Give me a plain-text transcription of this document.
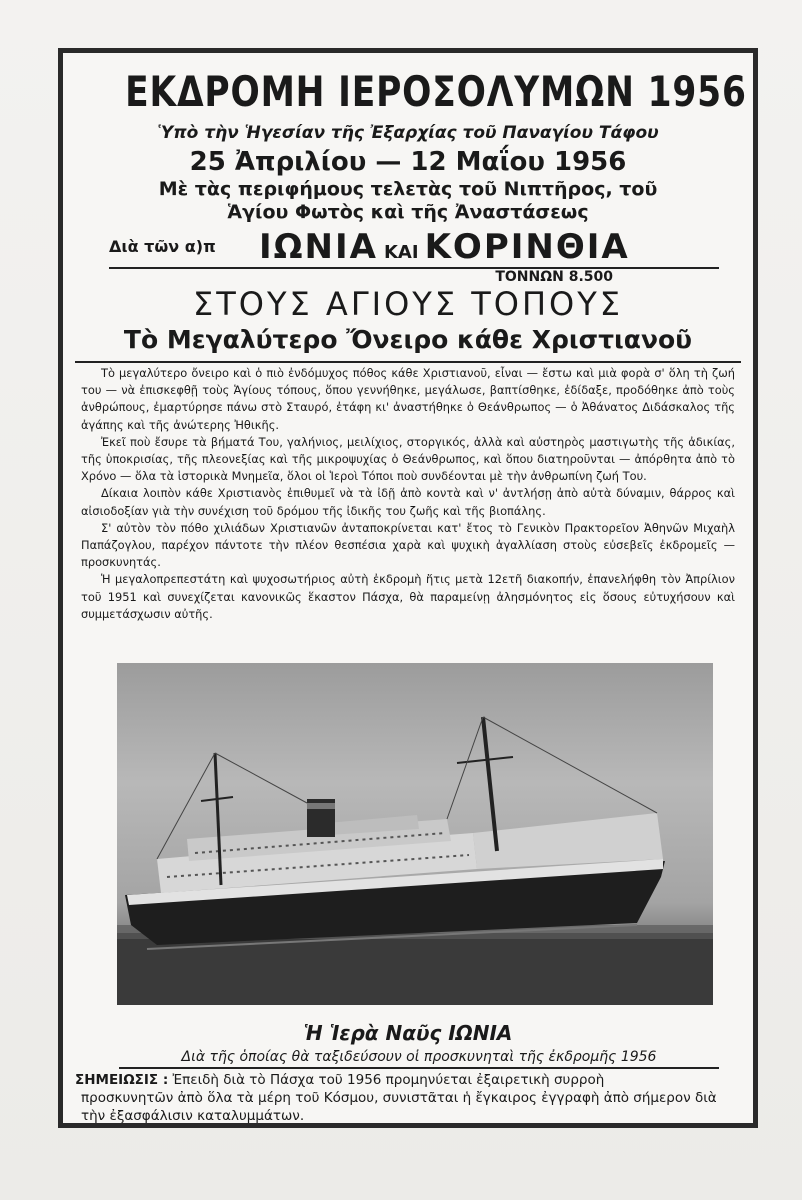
ΕΚΔΡΟΜΗ ΙΕΡΟΣΟΛΥΜΩΝ 1956
Ὑπὸ τὴν Ἡγεσίαν τῆς Ἐξαρχίας τοῦ Παναγίου Τάφου
25 Ἀπριλίου — 12 Μαΐου 1956
Μὲ τὰς περιφήμους τελετὰς τοῦ Νιπτῆρος, τοῦ
Ἁγίου Φωτὸς καὶ τῆς Ἀναστάσεως
Διὰ τῶν α)π ΙΩΝΙΑ ΚΑΙ ΚΟΡΙΝΘΙΑ
ΤΟΝΝΩΝ 8.500
ΣΤΟΥΣ ΑΓΙΟΥΣ ΤΟΠΟΥΣ
Τὸ Μεγαλύτερο Ὄνειρο κάθε Χριστιανοῦ

Τὸ μεγαλύτερο ὄνειρο καὶ ὁ πιὸ ἐνδόμυχος πόθος κάθε Χριστιανοῦ, εἶναι — ἔστω καὶ μιὰ φορὰ σ' ὅλη τὴ ζωή του — νὰ ἐπισκεφθῇ τοὺς Ἁγίους τόπους, ὅπου γεννήθηκε, μεγάλωσε, βαπτίσθηκε, ἐδίδαξε, προδόθηκε ἀπὸ τοὺς ἀνθρώπους, ἐμαρτύρησε πάνω στὸ Σταυρό, ἐτάφη κι' ἀναστήθηκε ὁ Θεάνθρωπος — ὁ Ἀθάνατος Διδάσκαλος τῆς ἀγάπης καὶ τῆς ἀνώτερης Ἠθικῆς.

Ἐκεῖ ποὺ ἔσυρε τὰ βήματά Του, γαλήνιος, μειλίχιος, στοργικός, ἀλλὰ καὶ αὐστηρὸς μαστιγωτὴς τῆς ἀδικίας, τῆς ὑποκρισίας, τῆς πλεονεξίας καὶ τῆς μικροψυχίας ὁ Θεάνθρωπος, καὶ ὅπου διατηροῦνται — ἀπόρθητα ἀπὸ τὸ Χρόνο — ὅλα τὰ ἱστορικὰ Μνημεῖα, ὅλοι οἱ Ἱεροὶ Τόποι ποὺ συνδέονται μὲ τὴν ἀνθρωπίνη ζωή Του.

Δίκαια λοιπὸν κάθε Χριστιανὸς ἐπιθυμεῖ νὰ τὰ ἰδῇ ἀπὸ κοντὰ καὶ ν' ἀντλήσῃ ἀπὸ αὐτὰ δύναμιν, θάρρος καὶ αἰσιοδοξίαν γιὰ τὴν συνέχιση τοῦ δρόμου τῆς ἰδικῆς του ζωῆς καὶ τῆς βιοπάλης.

Σ' αὐτὸν τὸν πόθο χιλιάδων Χριστιανῶν ἀνταποκρίνεται κατ' ἔτος τὸ Γενικὸν Πρακτορεῖον Ἀθηνῶν Μιχαὴλ Παπάζογλου, παρέχον πάντοτε τὴν πλέον θεσπέσια χαρὰ καὶ ψυχικὴ ἀγαλλίαση στοὺς εὐσεβεῖς ἐκδρομεῖς — προσκυνητάς.

Ἡ μεγαλοπρεπεστάτη καὶ ψυχοσωτήριος αὐτὴ ἐκδρομὴ ἥτις μετὰ 12ετῆ διακοπήν, ἐπανελήφθη τὸν Ἀπρίλιον τοῦ 1951 καὶ συνεχίζεται κανονικῶς ἕκαστον Πάσχα, θὰ παραμείνῃ ἀλησμόνητος εἰς ὅσους εὐτυχήσουν καὶ συμμετάσχωσιν αὐτῆς.

Ἡ Ἱερὰ Ναῦς ΙΩΝΙΑ
Διὰ τῆς ὁποίας θὰ ταξιδεύσουν οἱ προσκυνηταὶ τῆς ἐκδρομῆς 1956
ΣΗΜΕΙΩΣΙΣ : Ἐπειδὴ διὰ τὸ Πάσχα τοῦ 1956 προμηνύεται ἐξαιρετικὴ συρροὴ
προσκυνητῶν ἀπὸ ὅλα τὰ μέρη τοῦ Κόσμου, συνιστᾶται ἡ ἔγκαιρος ἐγγραφὴ ἀπὸ σήμερον διὰ τὴν ἐξασφάλισιν καταλυμμάτων.
